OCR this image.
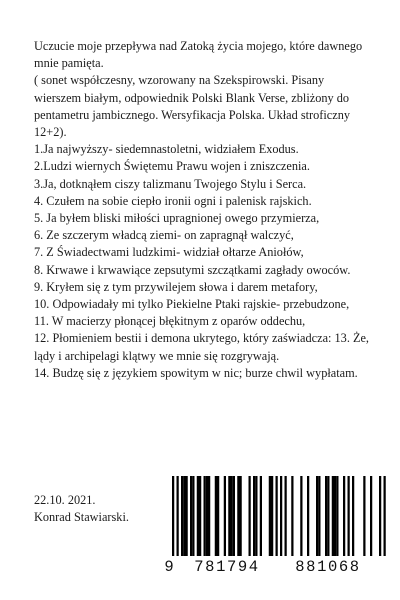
Uczucie moje przepływa nad Zatoką życia mojego, które dawnego mnie pamięta.

( sonet współczesny, wzorowany na Szekspirowski. Pisany wierszem białym, odpowiednik Polski Blank Verse, zbliżony do pentametru jambicznego. Wersyfikacja Polska. Układ stroficzny 12+2).

1.Ja najwyższy- siedemnastoletni, widziałem Exodus.

2.Ludzi wiernych Świętemu Prawu wojen i zniszczenia.

3.Ja, dotknąłem ciszy talizmanu Twojego Stylu i Serca.

4. Czułem na sobie ciepło ironii ogni i palenisk rajskich.

5. Ja byłem bliski miłości upragnionej owego przymierza,

6. Ze szczerym władcą ziemi- on zapragnął walczyć,

7. Z Świadectwami ludzkimi- widział ołtarze Aniołów,

8. Krwawe i krwawiące zepsutymi szczątkami zagłady owoców.

9. Kryłem się z tym przywilejem słowa i darem metafory,

10. Odpowiadały mi tylko Piekielne Ptaki rajskie- przebudzone,

11. W macierzy płonącej błękitnym z oparów oddechu,

12. Płomieniem bestii i demona ukrytego, który zaświadcza: 13. Że, lądy i archipelagi klątwy we mnie się rozgrywają.

14. Budzę się z językiem spowitym w nic; burze chwil wypłatam.

22.10. 2021.
Konrad Stawiarski.
9	781794	881068
